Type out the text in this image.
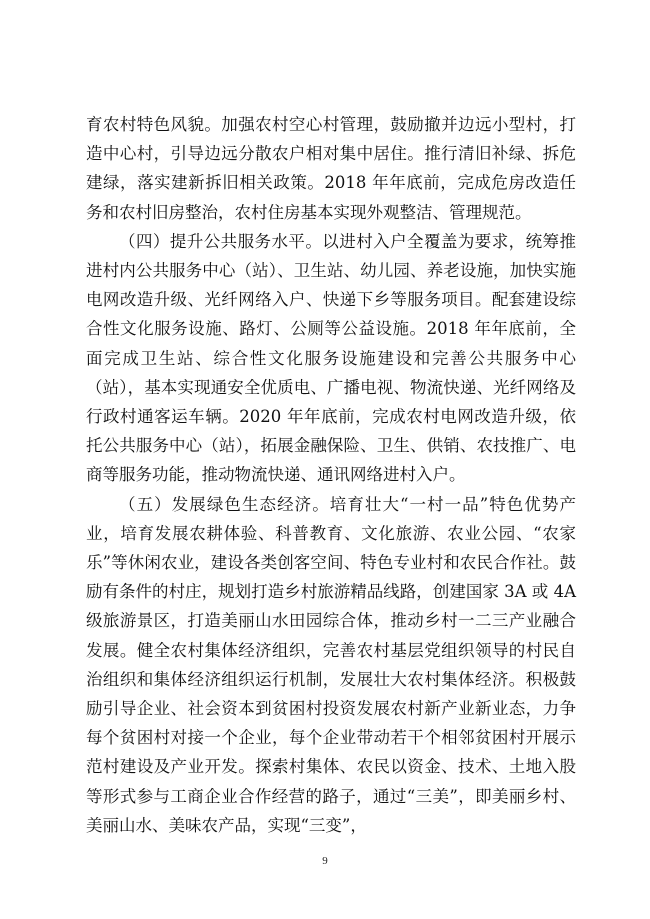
育农村特色风貌。加强农村空心村管理，鼓励撤并边远小型村，打造中心村，引导边远分散农户相对集中居住。推行清旧补绿、拆危建绿，落实建新拆旧相关政策。2018 年年底前，完成危房改造任务和农村旧房整治，农村住房基本实现外观整洁、管理规范。

（四）提升公共服务水平。以进村入户全覆盖为要求，统筹推进村内公共服务中心（站）、卫生站、幼儿园、养老设施，加快实施电网改造升级、光纤网络入户、快递下乡等服务项目。配套建设综合性文化服务设施、路灯、公厕等公益设施。2018 年年底前，全面完成卫生站、综合性文化服务设施建设和完善公共服务中心（站），基本实现通安全优质电、广播电视、物流快递、光纤网络及行政村通客运车辆。2020 年年底前，完成农村电网改造升级，依托公共服务中心（站），拓展金融保险、卫生、供销、农技推广、电商等服务功能，推动物流快递、通讯网络进村入户。

（五）发展绿色生态经济。培育壮大“一村一品”特色优势产业，培育发展农耕体验、科普教育、文化旅游、农业公园、“农家乐”等休闲农业，建设各类创客空间、特色专业村和农民合作社。鼓励有条件的村庄，规划打造乡村旅游精品线路，创建国家 3A 或 4A 级旅游景区，打造美丽山水田园综合体，推动乡村一二三产业融合发展。健全农村集体经济组织，完善农村基层党组织领导的村民自治组织和集体经济组织运行机制，发展壮大农村集体经济。积极鼓励引导企业、社会资本到贫困村投资发展农村新产业新业态，力争每个贫困村对接一个企业，每个企业带动若干个相邻贫困村开展示范村建设及产业开发。探索村集体、农民以资金、技术、土地入股等形式参与工商企业合作经营的路子，通过“三美”，即美丽乡村、美丽山水、美味农产品，实现“三变”，

9
